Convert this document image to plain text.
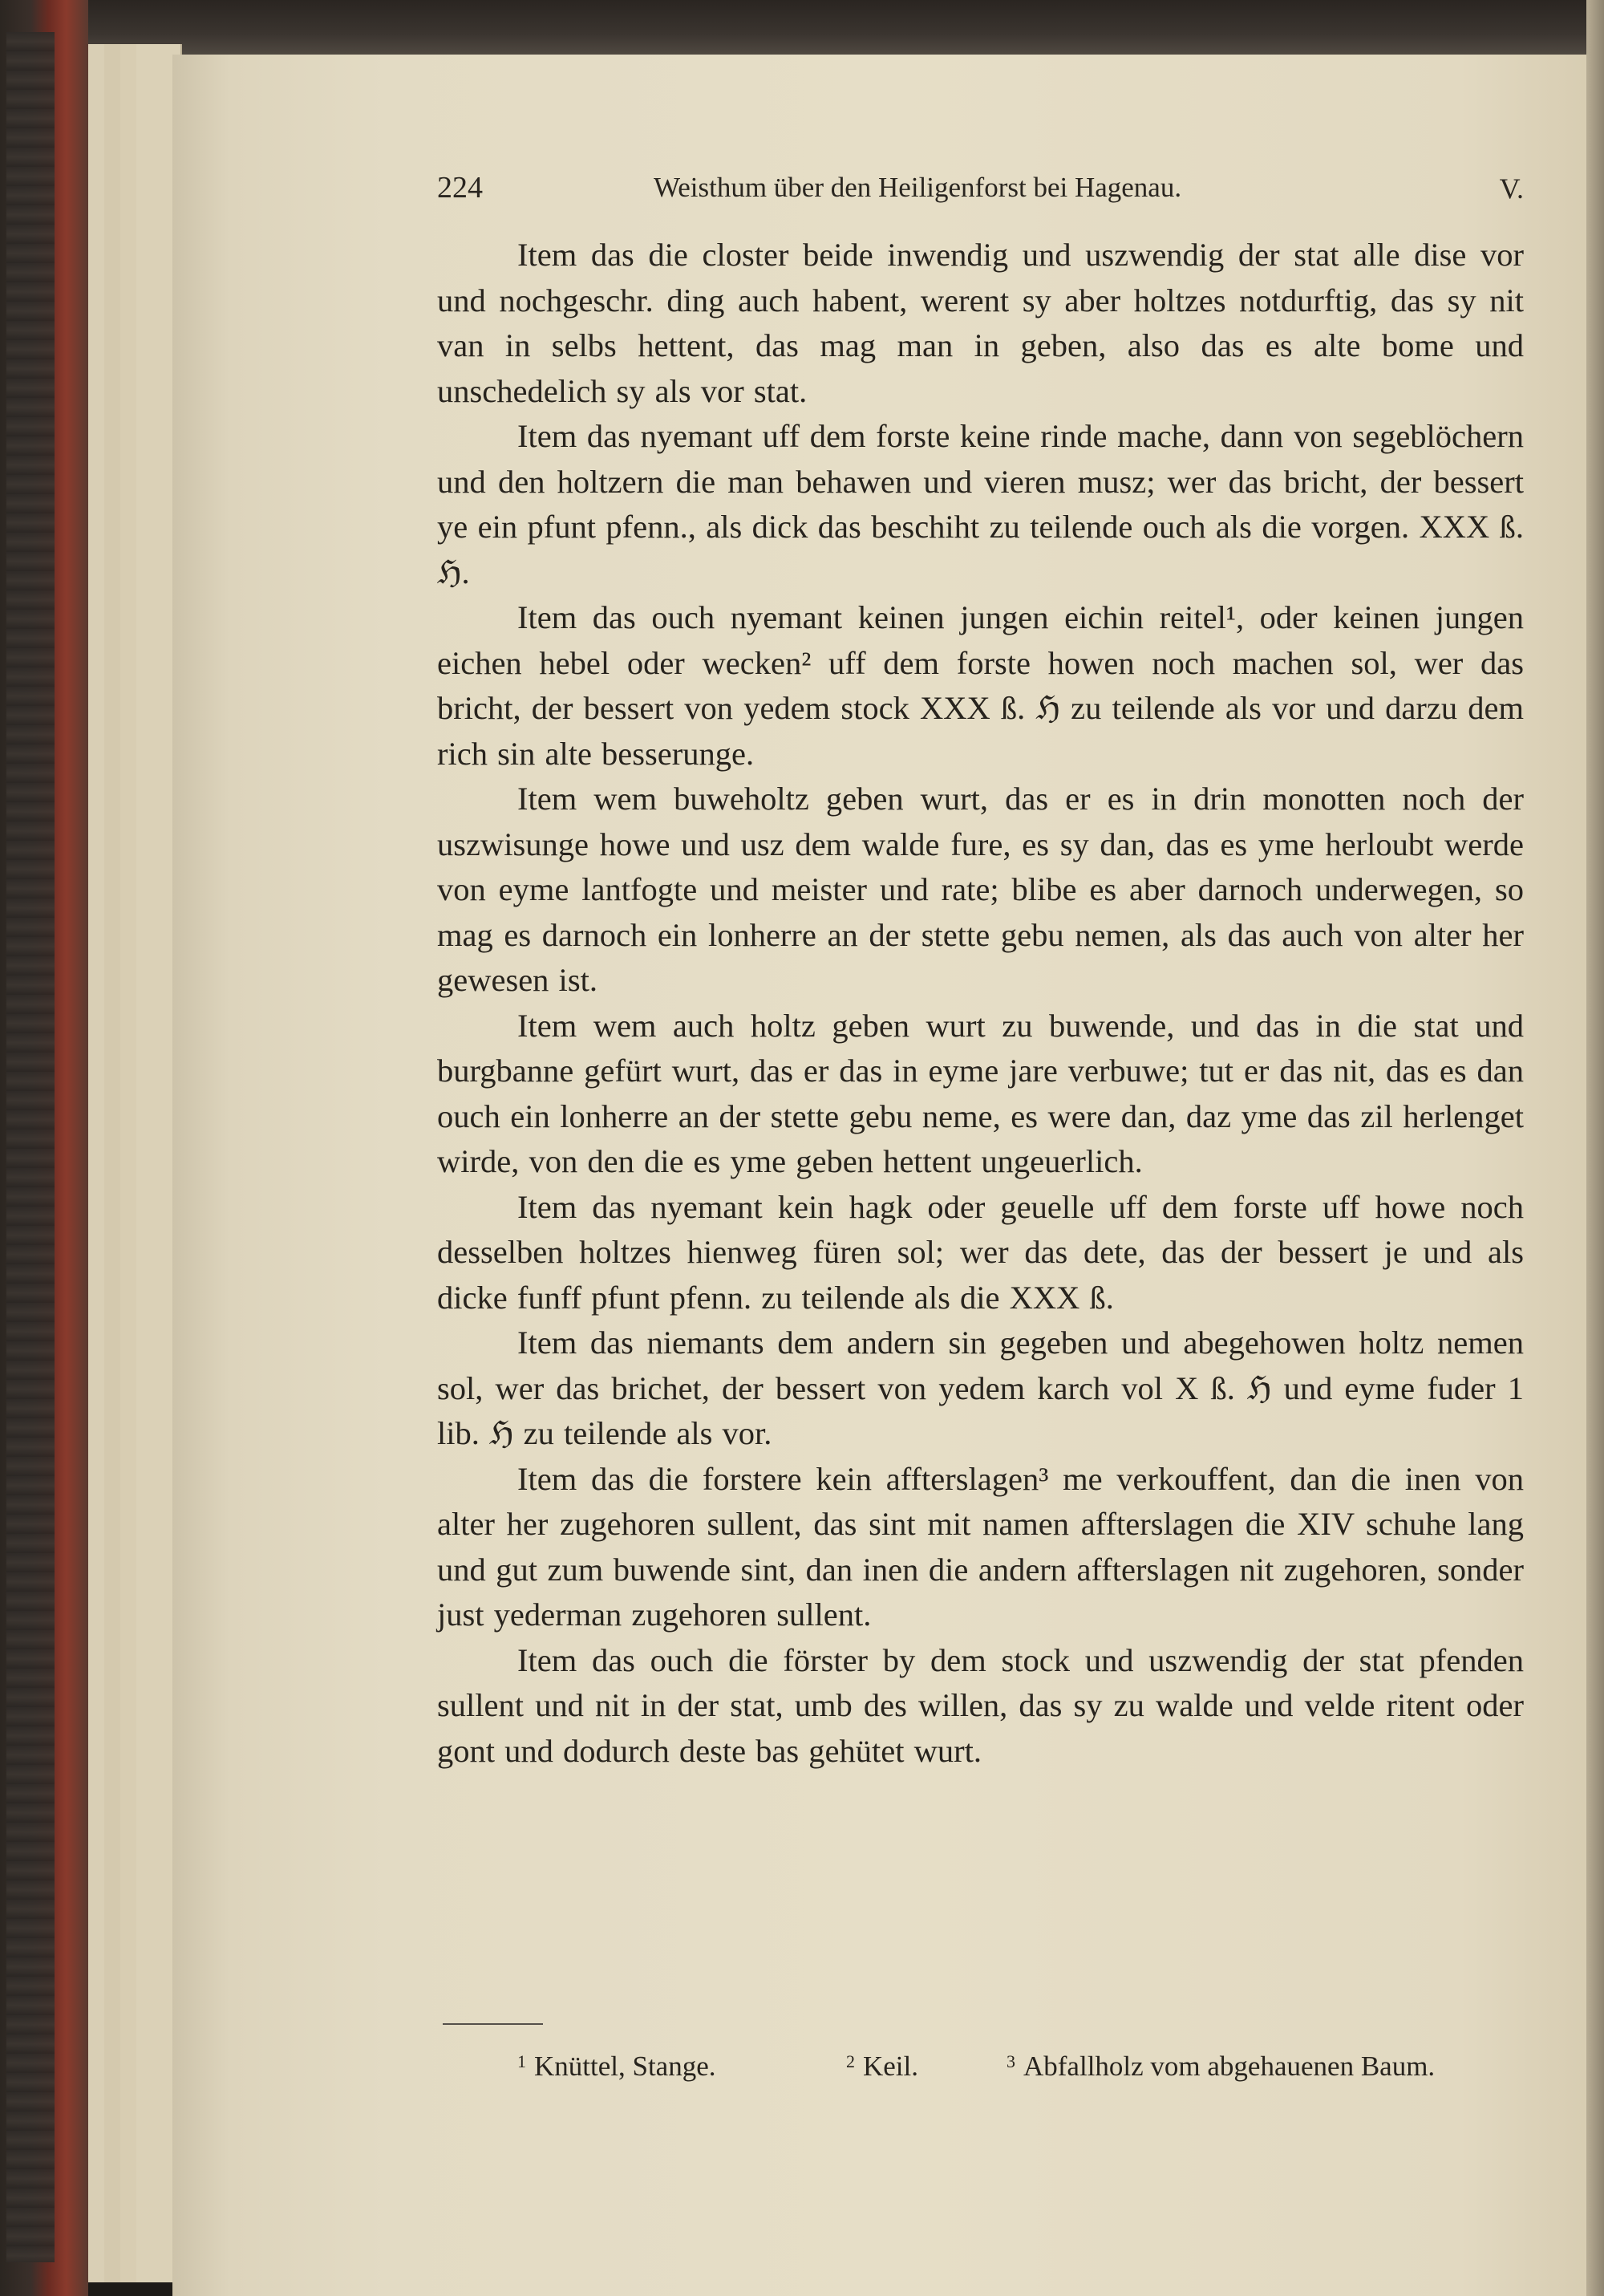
224	Weisthum über den Heiligenforst bei Hagenau.	V.

Item das die closter beide inwendig und uszwendig der stat alle dise vor und nochgeschr. ding auch habent, werent sy aber holtzes notdurftig, das sy nit van in selbs hettent, das mag man in geben, also das es alte bome und unschedelich sy als vor stat.

Item das nyemant uff dem forste keine rinde mache, dann von segeblöchern und den holtzern die man behawen und vieren musz; wer das bricht, der bessert ye ein pfunt pfenn., als dick das beschiht zu teilende ouch als die vorgen. XXX ß. ℌ.

Item das ouch nyemant keinen jungen eichin reitel¹, oder keinen jungen eichen hebel oder wecken² uff dem forste howen noch machen sol, wer das bricht, der bessert von yedem stock XXX ß. ℌ zu teilende als vor und darzu dem rich sin alte besserunge.

Item wem buweholtz geben wurt, das er es in drin monotten noch der uszwisunge howe und usz dem walde fure, es sy dan, das es yme herloubt werde von eyme lantfogte und meister und rate; blibe es aber darnoch underwegen, so mag es darnoch ein lonherre an der stette gebu nemen, als das auch von alter her gewesen ist.

Item wem auch holtz geben wurt zu buwende, und das in die stat und burgbanne gefürt wurt, das er das in eyme jare verbuwe; tut er das nit, das es dan ouch ein lonherre an der stette gebu neme, es were dan, daz yme das zil herlenget wirde, von den die es yme geben hettent ungeuerlich.

Item das nyemant kein hagk oder geuelle uff dem forste uff howe noch desselben holtzes hienweg füren sol; wer das dete, das der bessert je und als dicke funff pfunt pfenn. zu teilende als die XXX ß.

Item das niemants dem andern sin gegeben und abegehowen holtz nemen sol, wer das brichet, der bessert von yedem karch vol X ß. ℌ und eyme fuder 1 lib. ℌ zu teilende als vor.

Item das die forstere kein affterslagen³ me verkouffent, dan die inen von alter her zugehoren sullent, das sint mit namen affterslagen die XIV schuhe lang und gut zum buwende sint, dan inen die andern affterslagen nit zugehoren, sonder just yederman zugehoren sullent.

Item das ouch die förster by dem stock und uszwendig der stat pfenden sullent und nit in der stat, umb des willen, das sy zu walde und velde ritent oder gont und dodurch deste bas gehütet wurt.

$^1$ Knüttel, Stange.	$^2$ Keil.	$^3$ Abfallholz vom abgehauenen Baum.
